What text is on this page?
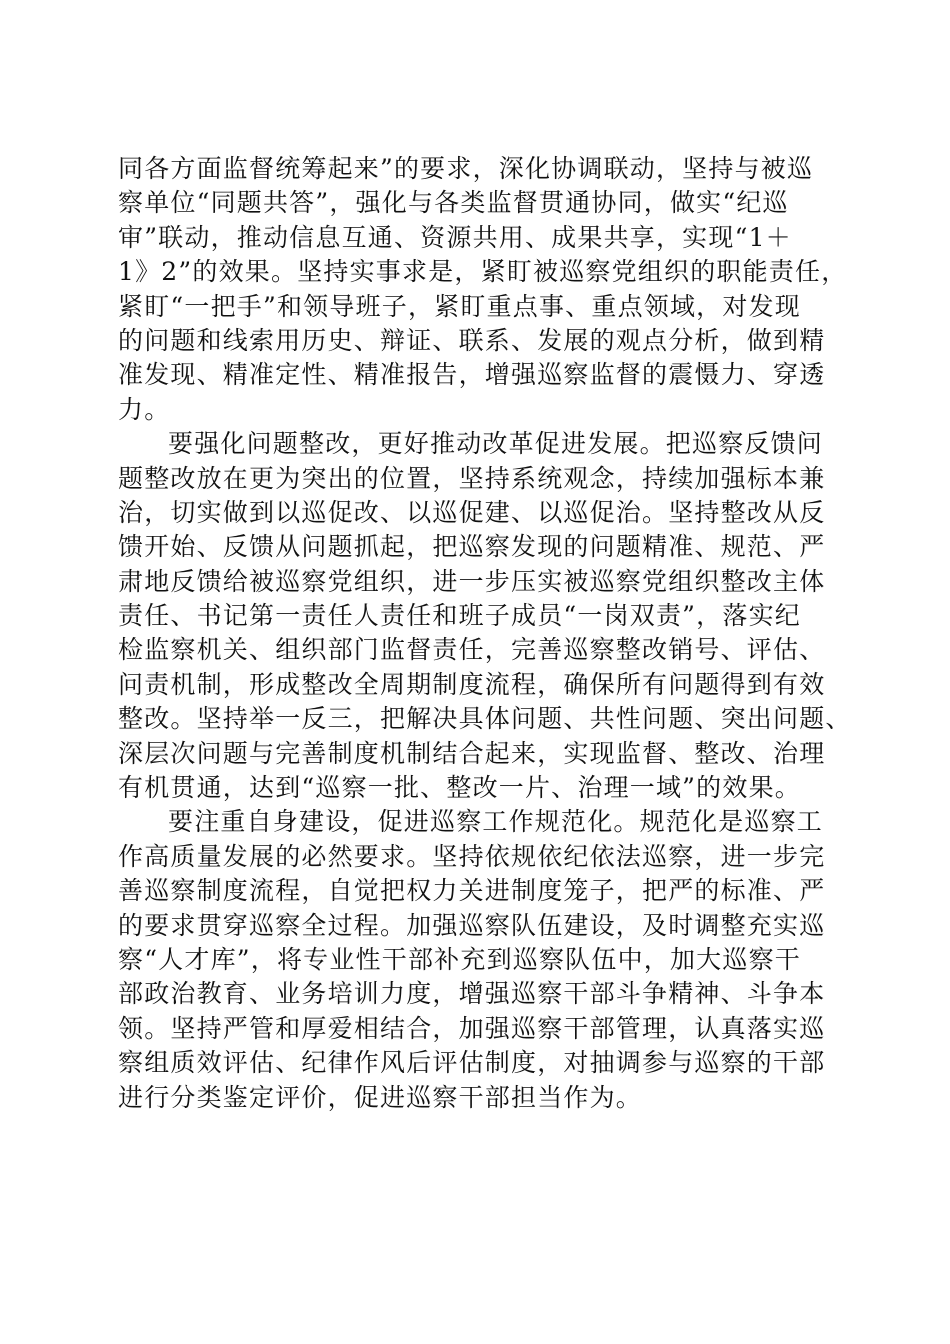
同各方面监督统筹起来”的要求，深化协调联动，坚持与被巡
察单位“同题共答”，强化与各类监督贯通协同，做实“纪巡
审”联动，推动信息互通、资源共用、成果共享，实现“1＋
1》2”的效果。坚持实事求是，紧盯被巡察党组织的职能责任，
紧盯“一把手”和领导班子，紧盯重点事、重点领域，对发现
的问题和线索用历史、辩证、联系、发展的观点分析，做到精
准发现、精准定性、精准报告，增强巡察监督的震慑力、穿透
力。
要强化问题整改，更好推动改革促进发展。把巡察反馈问
题整改放在更为突出的位置，坚持系统观念，持续加强标本兼
治，切实做到以巡促改、以巡促建、以巡促治。坚持整改从反
馈开始、反馈从问题抓起，把巡察发现的问题精准、规范、严
肃地反馈给被巡察党组织，进一步压实被巡察党组织整改主体
责任、书记第一责任人责任和班子成员“一岗双责”，落实纪
检监察机关、组织部门监督责任，完善巡察整改销号、评估、
问责机制，形成整改全周期制度流程，确保所有问题得到有效
整改。坚持举一反三，把解决具体问题、共性问题、突出问题、
深层次问题与完善制度机制结合起来，实现监督、整改、治理
有机贯通，达到“巡察一批、整改一片、治理一域”的效果。
要注重自身建设，促进巡察工作规范化。规范化是巡察工
作高质量发展的必然要求。坚持依规依纪依法巡察，进一步完
善巡察制度流程，自觉把权力关进制度笼子，把严的标准、严
的要求贯穿巡察全过程。加强巡察队伍建设，及时调整充实巡
察“人才库”，将专业性干部补充到巡察队伍中，加大巡察干
部政治教育、业务培训力度，增强巡察干部斗争精神、斗争本
领。坚持严管和厚爱相结合，加强巡察干部管理，认真落实巡
察组质效评估、纪律作风后评估制度，对抽调参与巡察的干部
进行分类鉴定评价，促进巡察干部担当作为。
